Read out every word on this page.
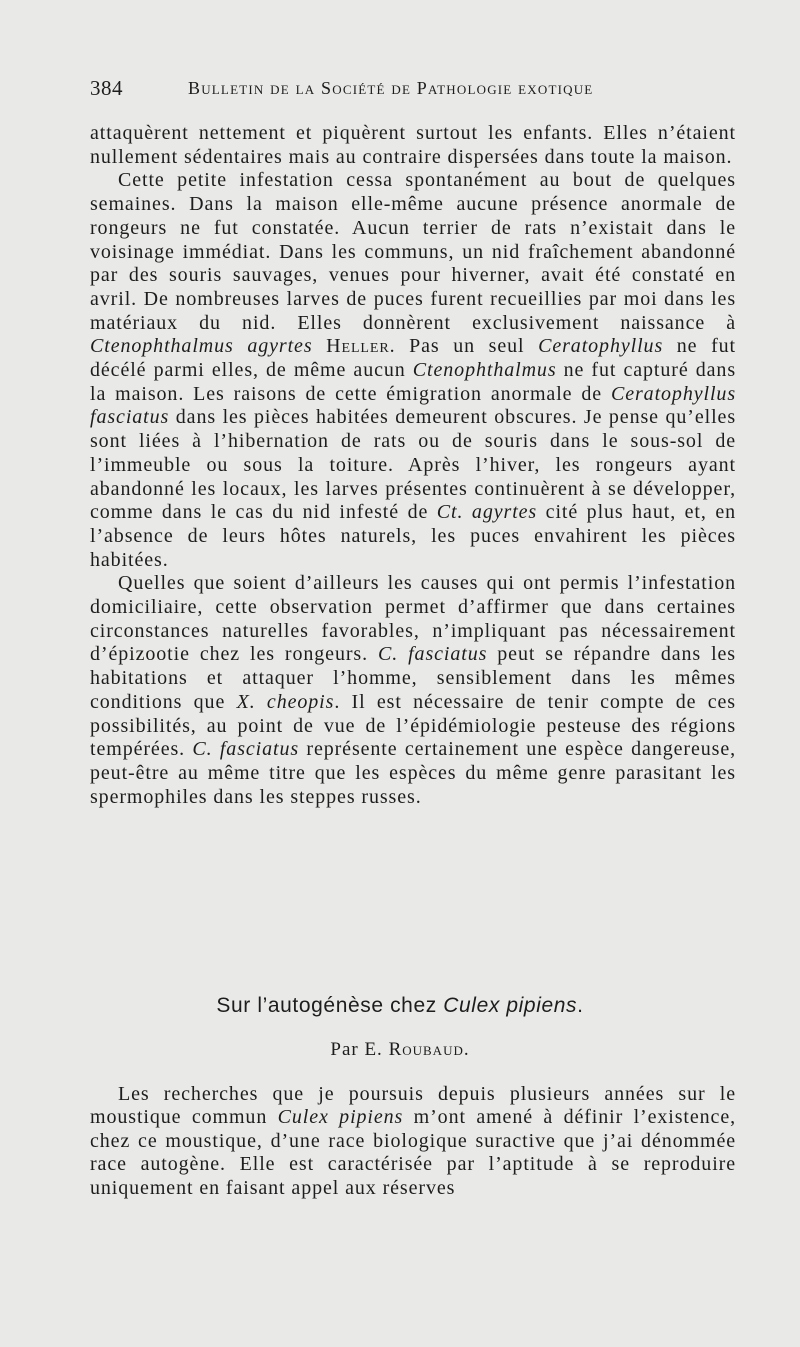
384	Bulletin de la Société de Pathologie exotique

attaquèrent nettement et piquèrent surtout les enfants. Elles n’étaient nullement sédentaires mais au contraire dispersées dans toute la maison.

Cette petite infestation cessa spontanément au bout de quelques semaines. Dans la maison elle-même aucune présence anormale de rongeurs ne fut constatée. Aucun terrier de rats n’existait dans le voisinage immédiat. Dans les communs, un nid fraîchement abandonné par des souris sauvages, venues pour hiverner, avait été constaté en avril. De nombreuses larves de puces furent recueillies par moi dans les matériaux du nid. Elles donnèrent exclusivement naissance à Ctenophthalmus agyrtes Heller. Pas un seul Ceratophyllus ne fut décélé parmi elles, de même aucun Ctenophthalmus ne fut capturé dans la maison. Les raisons de cette émigration anormale de Ceratophyllus fasciatus dans les pièces habitées demeurent obscures. Je pense qu’elles sont liées à l’hibernation de rats ou de souris dans le sous-sol de l’immeuble ou sous la toiture. Après l’hiver, les rongeurs ayant abandonné les locaux, les larves présentes continuèrent à se développer, comme dans le cas du nid infesté de Ct. agyrtes cité plus haut, et, en l’absence de leurs hôtes naturels, les puces envahirent les pièces habitées.

Quelles que soient d’ailleurs les causes qui ont permis l’infestation domiciliaire, cette observation permet d’affirmer que dans certaines circonstances naturelles favorables, n’impliquant pas nécessairement d’épizootie chez les rongeurs. C. fasciatus peut se répandre dans les habitations et attaquer l’homme, sensiblement dans les mêmes conditions que X. cheopis. Il est nécessaire de tenir compte de ces possibilités, au point de vue de l’épidémiologie pesteuse des régions tempérées. C. fasciatus représente certainement une espèce dangereuse, peut-être au même titre que les espèces du même genre parasitant les spermophiles dans les steppes russes.

Sur l’autogénèse chez Culex pipiens.
Par E. Roubaud.

Les recherches que je poursuis depuis plusieurs années sur le moustique commun Culex pipiens m’ont amené à définir l’existence, chez ce moustique, d’une race biologique suractive que j’ai dénommée race autogène. Elle est caractérisée par l’aptitude à se reproduire uniquement en faisant appel aux réserves
